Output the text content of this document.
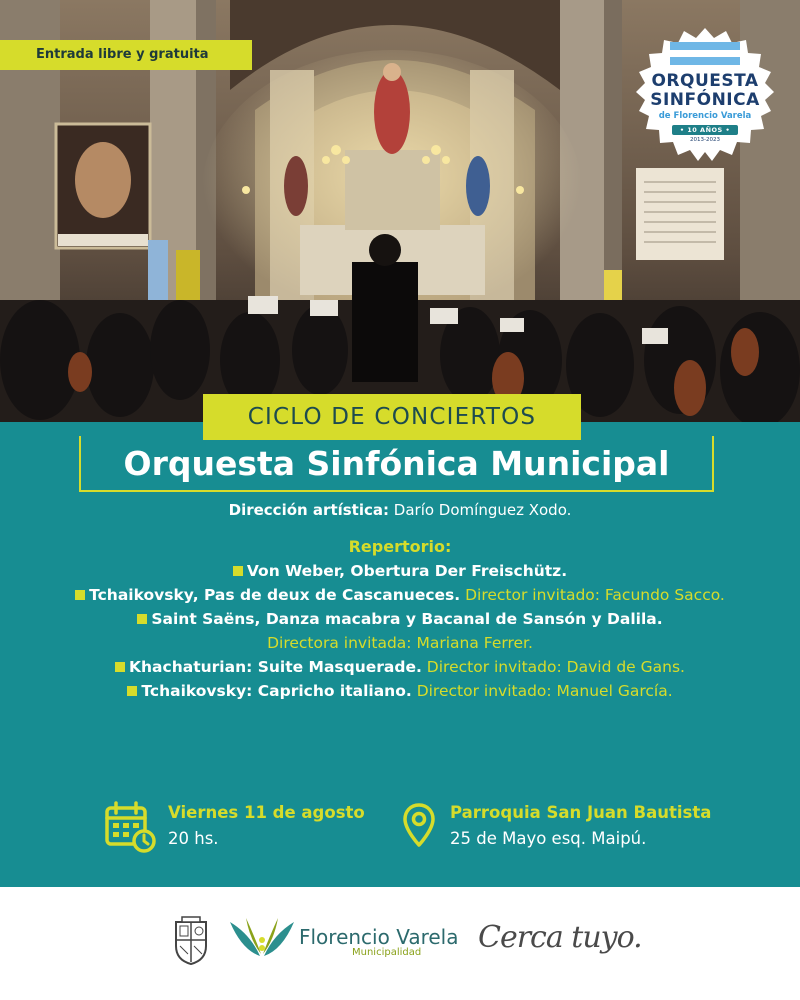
Entrada libre y gratuita
ORQUESTA
SINFÓNICA
de Florencio Varela
• 10 AÑOS •
2013-2023
CICLO DE CONCIERTOS
Orquesta Sinfónica Municipal
Dirección artística: Darío Domínguez Xodo.
Repertorio:
Von Weber, Obertura Der Freischütz.
Tchaikovsky, Pas de deux de Cascanueces. Director invitado: Facundo Sacco.
Saint Saëns, Danza macabra y Bacanal de Sansón y Dalila.
Directora invitada: Mariana Ferrer.
Khachaturian: Suite Masquerade. Director invitado: David de Gans.
Tchaikovsky: Capricho italiano. Director invitado: Manuel García.
Viernes 11 de agosto
20 hs.
Parroquia San Juan Bautista
25 de Mayo esq. Maipú.
Florencio Varela
Municipalidad Cerca tuyo.
